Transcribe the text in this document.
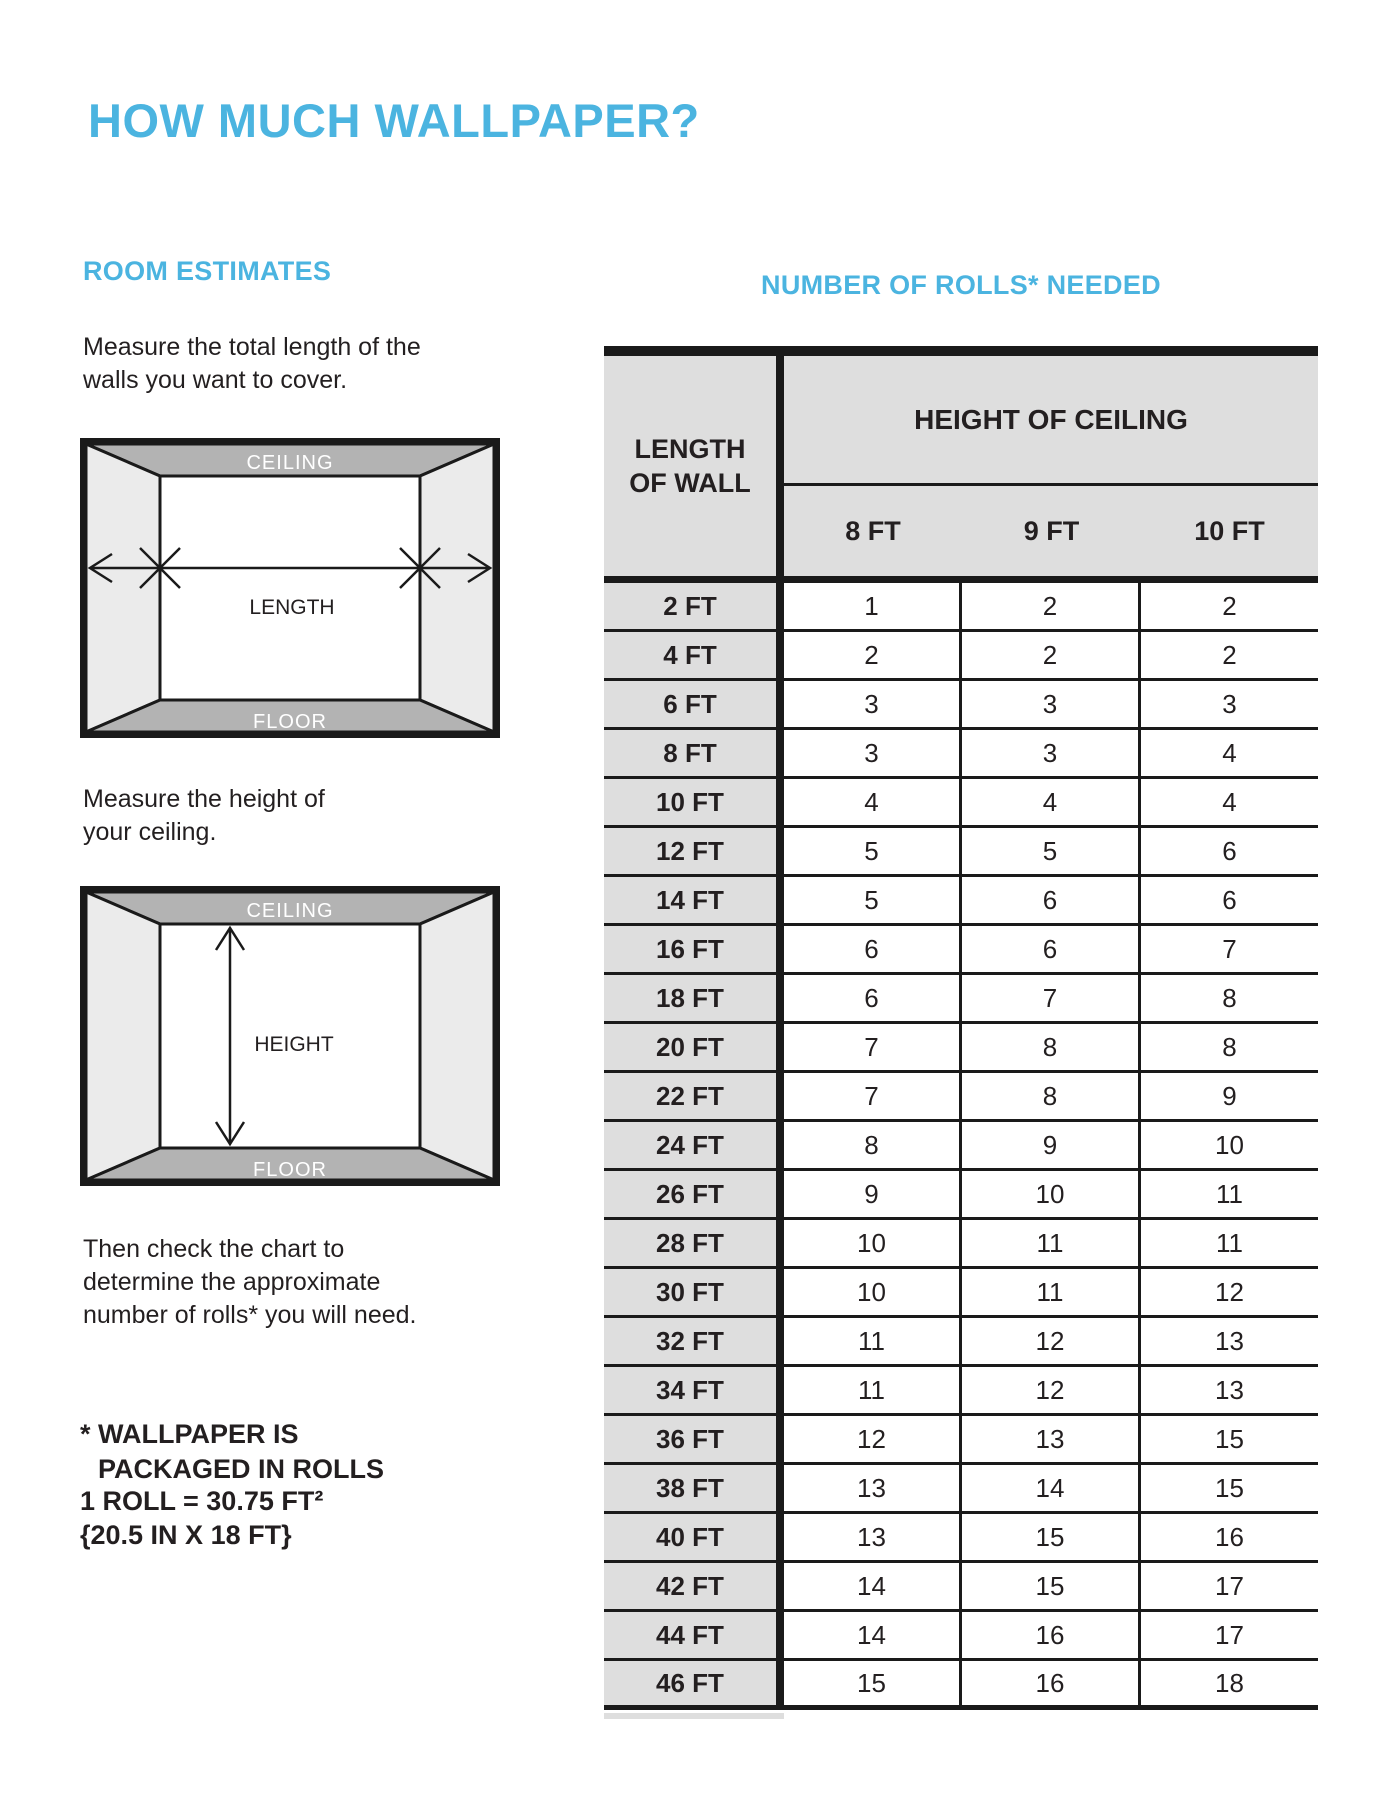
HOW MUCH WALLPAPER?
ROOM ESTIMATES

Measure the total length of the walls you want to cover.

CEILING
FLOOR
LENGTH

Measure the height of your ceiling.

CEILING
FLOOR
HEIGHT

Then check the chart to determine the approximate number of rolls* you will need.

* WALLPAPER IS PACKAGED IN ROLLS

1 ROLL = 30.75 FT²
{20.5 IN X 18 FT}
NUMBER OF ROLLS* NEEDED
LENGTH
OF WALL
HEIGHT OF CEILING
8 FT	9 FT	10 FT
2 FT	1	2	2
4 FT	2	2	2
6 FT	3	3	3
8 FT	3	3	4
10 FT	4	4	4
12 FT	5	5	6
14 FT	5	6	6
16 FT	6	6	7
18 FT	6	7	8
20 FT	7	8	8
22 FT	7	8	9
24 FT	8	9	10
26 FT	9	10	11
28 FT	10	11	11
30 FT	10	11	12
32 FT	11	12	13
34 FT	11	12	13
36 FT	12	13	15
38 FT	13	14	15
40 FT	13	15	16
42 FT	14	15	17
44 FT	14	16	17
46 FT	15	16	18
